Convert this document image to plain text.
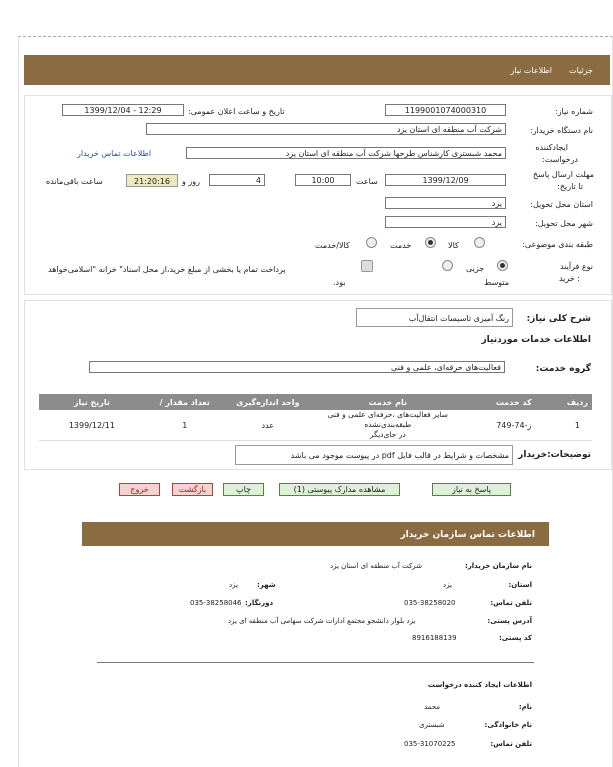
جزئیات
اطلاعات نیاز
شماره نیاز:
1199001074000310
تاریخ و ساعت اعلان عمومی:
1399/12/04 - 12:29
نام دستگاه خریدار:
شرکت آب منطقه ای استان یزد
ایجادکننده
درخواست:
محمد شبستری کارشناس طرحها شرکت آب منطقه ای استان یزد
اطلاعات تماس خریدار
مهلت ارسال پاسخ
تا تاریخ:
1399/12/09
ساعت
10:00
4
روز و
21:20:16
ساعت باقی‌مانده
استان محل تحویل:
یزد
شهر محل تحویل:
یزد
طبقه بندی موضوعی:
کالا
خدمت
کالا/خدمت
نوع فرآیند
: خرید
جزیی
متوسط
پرداخت تمام یا بخشی از مبلغ خرید،از محل اسناد" خزانه "اسلامی‌خواهد
بود.
شرح کلی نیاز:
رنگ آمیزی تاسیسات انتقال‌آب
اطلاعات خدمات موردنیاز
گروه خدمت:
فعالیت‌های حرفه‌ای، علمی و فنی
ردیف	کد خدمت	نام خدمت	واحد اندازه‌گیری	تعداد مقدار /	تاریخ نیاز
1	ز-74-749	سایر فعالیت‌های ،حرفه‌ای علمی و فنی طبقه‌بندی‌نشده
در جای‌دیگر	عدد	1	1399/12/11
توضیحات:خریدار
مشخصات و شرایط در قالب فایل pdf در پیوست موجود می باشد
پاسخ به نیاز
مشاهده مدارک پیوستی (1)
چاپ
بازگشت
خروج
اطلاعات تماس سازمان خریدار
نام سازمان خریدار:
شرکت آب منطقه ای استان یزد
استان:
یزد
شهر:
یزد
تلفن تماس:
035-38258020
دورنگار:
035-38258046
آدرس پستی:
یزد بلوار دانشجو مجتمع ادارات شرکت سهامی آب منطقه ای یزد
کد پستی:
8916188139
اطلاعات ایجاد کننده درخواست
نام:
محمد
نام خانوادگی:
شبستری
تلفن تماس:
035-31070225
